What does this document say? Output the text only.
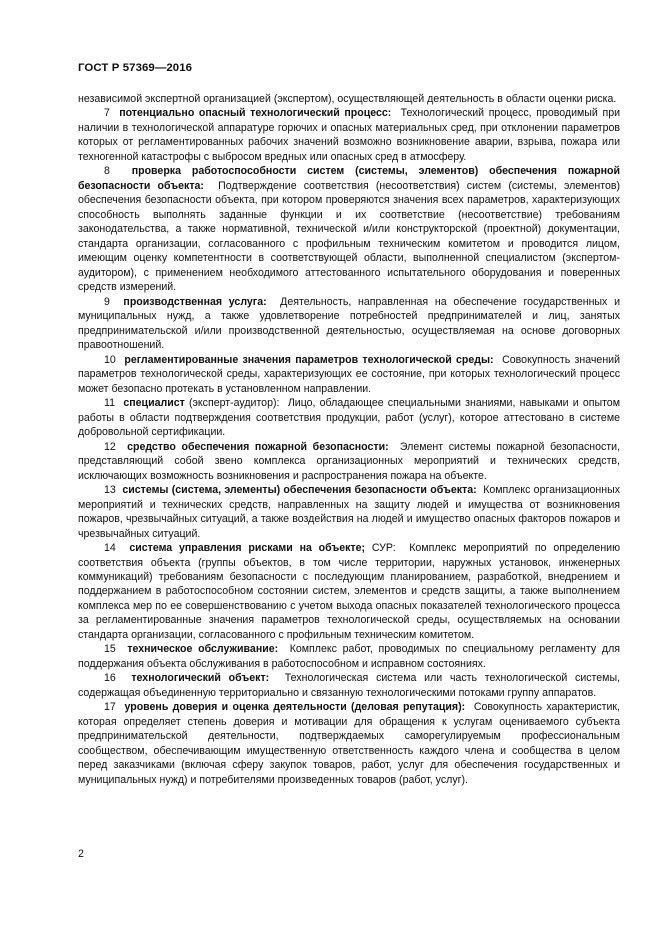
ГОСТ Р 57369—2016

независимой экспертной организацией (экспертом), осуществляющей деятельность в области оценки риска.

7 потенциально опасный технологический процесс: Технологический процесс, проводимый при наличии в технологической аппаратуре горючих и опасных материальных сред, при отклонении параметров которых от регламентированных рабочих значений возможно возникновение аварии, взрыва, пожара или техногенной катастрофы с выбросом вредных или опасных сред в атмосферу.

8 проверка работоспособности систем (системы, элементов) обеспечения пожарной безопасности объекта: Подтверждение соответствия (несоответствия) систем (системы, элементов) обеспечения безопасности объекта, при котором проверяются значения всех параметров, характеризующих способность выполнять заданные функции и их соответствие (несоответствие) требованиям законодательства, а также нормативной, технической и/или конструкторской (проектной) документации, стандарта организации, согласованного с профильным техническим комитетом и проводится лицом, имеющим оценку компетентности в соответствующей области, выполненной специалистом (экспертом-аудитором), с применением необходимого аттестованного испытательного оборудования и поверенных средств измерений.

9 производственная услуга: Деятельность, направленная на обеспечение государственных и муниципальных нужд, а также удовлетворение потребностей предпринимателей и лиц, занятых предпринимательской и/или производственной деятельностью, осуществляемая на основе договорных правоотношений.

10 регламентированные значения параметров технологической среды: Совокупность значений параметров технологической среды, характеризующих ее состояние, при которых технологический процесс может безопасно протекать в установленном направлении.

11 специалист (эксперт-аудитор): Лицо, обладающее специальными знаниями, навыками и опытом работы в области подтверждения соответствия продукции, работ (услуг), которое аттестовано в системе добровольной сертификации.

12 средство обеспечения пожарной безопасности: Элемент системы пожарной безопасности, представляющий собой звено комплекса организационных мероприятий и технических средств, исключающих возможность возникновения и распространения пожара на объекте.

13 системы (система, элементы) обеспечения безопасности объекта: Комплекс организационных мероприятий и технических средств, направленных на защиту людей и имущества от возникновения пожаров, чрезвычайных ситуаций, а также воздействия на людей и имущество опасных факторов пожаров и чрезвычайных ситуаций.

14 система управления рисками на объекте; СУР: Комплекс мероприятий по определению соответствия объекта (группы объектов, в том числе территории, наружных установок, инженерных коммуникаций) требованиям безопасности с последующим планированием, разработкой, внедрением и поддержанием в работоспособном состоянии систем, элементов и средств защиты, а также выполнением комплекса мер по ее совершенствованию с учетом выхода опасных показателей технологического процесса за регламентированные значения параметров технологической среды, осуществляемых на основании стандарта организации, согласованного с профильным техническим комитетом.

15 техническое обслуживание: Комплекс работ, проводимых по специальному регламенту для поддержания объекта обслуживания в работоспособном и исправном состояниях.

16 технологический объект: Технологическая система или часть технологической системы, содержащая объединенную территориально и связанную технологическими потоками группу аппаратов.

17 уровень доверия и оценка деятельности (деловая репутация): Совокупность характеристик, которая определяет степень доверия и мотивации для обращения к услугам оцениваемого субъекта предпринимательской деятельности, подтверждаемых саморегулируемым профессиональным сообществом, обеспечивающим имущественную ответственность каждого члена и сообщества в целом перед заказчиками (включая сферу закупок товаров, работ, услуг для обеспечения государственных и муниципальных нужд) и потребителями произведенных товаров (работ, услуг).

2
